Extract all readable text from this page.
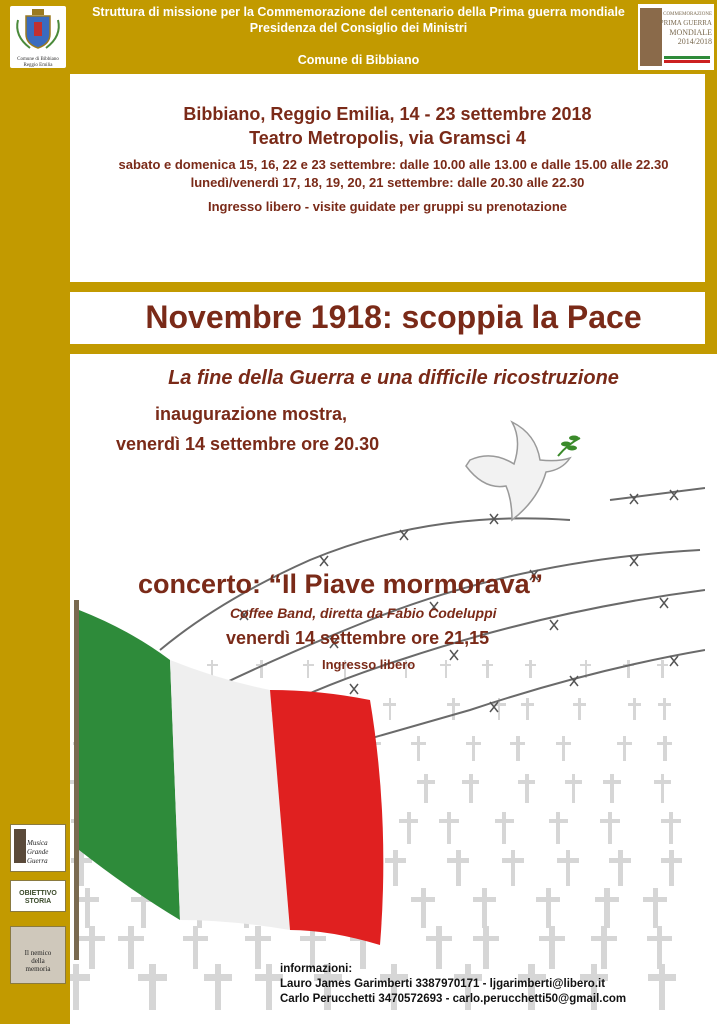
Comune di Bibbiano
Reggio Emilia
Struttura di missione per la Commemorazione del centenario della Prima guerra mondiale
Presidenza del Consiglio dei Ministri
Comune di Bibbiano
COMMEMORAZIONE
PRIMA GUERRA
MONDIALE
2014/2018
Bibbiano, Reggio Emilia, 14 - 23 settembre 2018
Teatro Metropolis, via Gramsci 4
sabato e domenica 15, 16, 22 e 23 settembre: dalle 10.00 alle 13.00 e dalle 15.00 alle 22.30
lunedì/venerdì 17, 18, 19, 20, 21 settembre: dalle 20.30 alle 22.30
Ingresso libero - visite guidate per gruppi su prenotazione
Novembre 1918: scoppia la Pace
La fine della Guerra e una difficile ricostruzione
inaugurazione mostra,
venerdì 14 settembre ore 20.30
concerto: “Il Piave mormorava”
Coffee Band, diretta da Fabio Codeluppi
venerdì 14 settembre ore 21,15
Ingresso libero
Musica
Grande Guerra
OBIETTIVO STORIA
Il nemico
della
memoria	informazioni:
Lauro James Garimberti 3387970171 - ljgarimberti@libero.it
Carlo Perucchetti 3470572693 - carlo.perucchetti50@gmail.com
